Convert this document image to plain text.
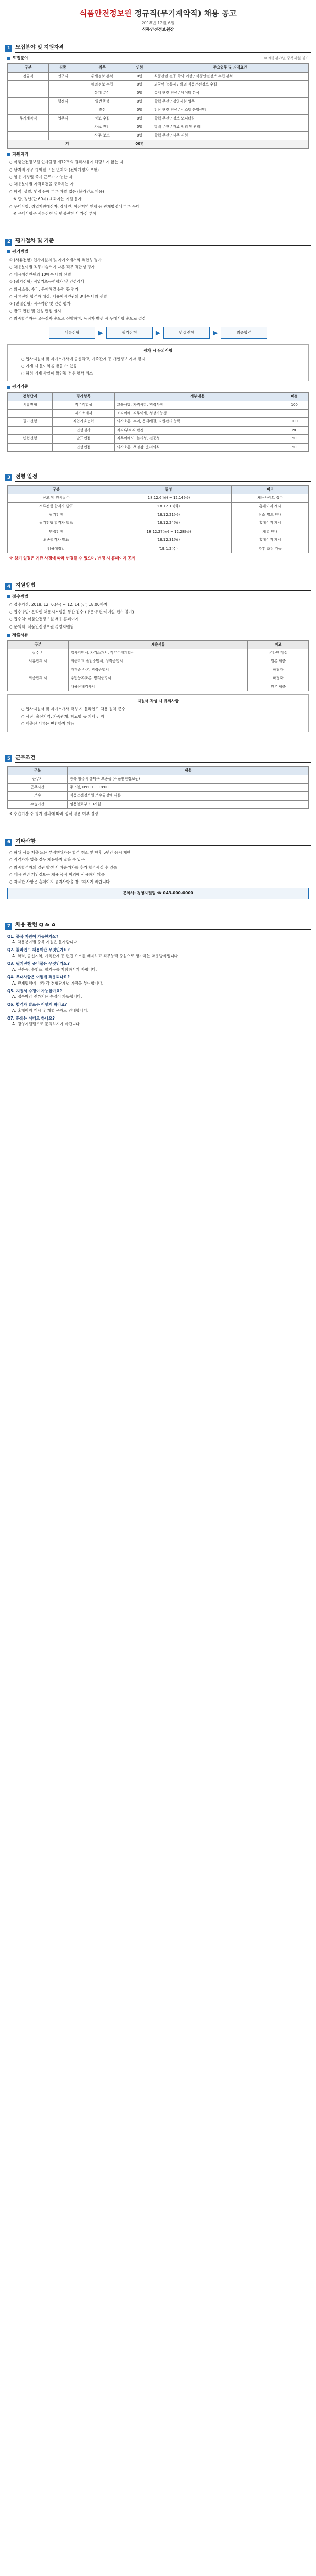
식품안전정보원 정규직(무기계약직) 채용 공고
2018년 12월 6일
식품안전정보원장
1 모집분야 및 지원자격
모집분야	※ 채용분야별 중복지원 불가
구분	직종	직무	인원	주요업무 및 자격요건
정규직	연구직	위해정보 분석	0명	식품관련 전공 학사 이상 / 식품안전정보 수집·분석
		해외정보 수집	0명	외국어 능통자 / 해외 식품안전정보 수집
		통계 분석	0명	통계 관련 전공 / 데이터 분석
	행정직	일반행정	0명	학력 무관 / 경영지원 업무
		전산	0명	전산 관련 전공 / 시스템 운영·관리
무기계약직	업무직	정보 수집	0명	학력 무관 / 정보 모니터링
		자료 관리	0명	학력 무관 / 자료 정리 및 관리
		사무 보조	0명	학력 무관 / 사무 지원
계			00명	
지원자격
○ 식품안전정보원 인사규정 제12조의 결격사유에 해당하지 않는 자
○ 남자의 경우 병역필 또는 면제자 (전역예정자 포함)
○ 임용 예정일 즉시 근무가 가능한 자
○ 채용분야별 자격요건을 충족하는 자
○ 학력, 성별, 연령 등에 따른 차별 없음 (블라인드 채용)
※ 단, 정년(만 60세) 초과자는 지원 불가
○ 우대사항: 취업지원대상자, 장애인, 이전지역 인재 등 관계법령에 따른 우대
※ 우대사항은 서류전형 및 면접전형 시 가점 부여
2 평가절차 및 기준
평가방법
① (서류전형) 입사지원서 및 자기소개서의 적합성 평가
○ 채용분야별 직무기술서에 따른 직무 적합성 평가
○ 채용예정인원의 10배수 내외 선발
② (필기전형) 직업기초능력평가 및 인성검사
○ 의사소통, 수리, 문제해결 능력 등 평가
○ 서류전형 합격자 대상, 채용예정인원의 3배수 내외 선발
③ (면접전형) 직무역량 및 인성 평가
○ 발표 면접 및 인성 면접 실시
○ 최종합격자는 고득점자 순으로 선발하며, 동점자 발생 시 우대사항 순으로 결정
서류전형	▶	필기전형	▶	면접전형	▶	최종합격
평가 시 유의사항
○ 입사지원서 및 자기소개서에 출신학교, 가족관계 등 개인정보 기재 금지
○ 기재 시 불이익을 받을 수 있음
○ 허위 기재 사실이 확인될 경우 합격 취소
평가기준
전형단계	평가항목	세부내용	배점
서류전형	직무적합성	교육사항, 자격사항, 경력사항	100
	자기소개서	조직이해, 직무이해, 성장가능성	
필기전형	직업기초능력	의사소통, 수리, 문제해결, 자원관리 능력	100
	인성검사	적격/부적격 판정	P/F
면접전형	발표면접	직무이해도, 논리성, 전문성	50
	인성면접	의사소통, 책임감, 윤리의식	50
3 전형 일정
구분	일정	비고
공고 및 원서접수	'18.12.6(목) ~ 12.14(금)	채용사이트 접수
서류전형 합격자 발표	'18.12.18(화)	홈페이지 게시
필기전형	'18.12.21(금)	장소 별도 안내
필기전형 합격자 발표	'18.12.24(월)	홈페이지 게시
면접전형	'18.12.27(목) ~ 12.28(금)	개별 안내
최종합격자 발표	'18.12.31(월)	홈페이지 게시
임용예정일	'19.1.2(수)	추후 조정 가능
※ 상기 일정은 기관 사정에 따라 변경될 수 있으며, 변경 시 홈페이지 공지
4 지원방법
접수방법
○ 접수기간: 2018. 12. 6.(목) ~ 12. 14.(금) 18:00까지
○ 접수방법: 온라인 채용시스템을 통한 접수 (방문·우편·이메일 접수 불가)
○ 접수처: 식품안전정보원 채용 홈페이지
○ 문의처: 식품안전정보원 경영지원팀
제출서류
구분	제출서류	비고
접수 시	입사지원서, 자기소개서, 직무수행계획서	온라인 작성
서류합격 시	최종학교 졸업증명서, 성적증명서	원본 제출
	자격증 사본, 경력증명서	해당자
최종합격 시	주민등록초본, 병적증명서	해당자
	채용신체검사서	원본 제출
지원서 작성 시 유의사항
○ 입사지원서 및 자기소개서 작성 시 블라인드 채용 원칙 준수
○ 사진, 출신지역, 가족관계, 학교명 등 기재 금지
○ 제출된 서류는 반환하지 않음
5 근무조건
구분	내용
근무지	충북 청주시 흥덕구 오송읍 (식품안전정보원)
근무시간	주 5일, 09:00 ~ 18:00
보수	식품안전정보원 보수규정에 따름
수습기간	임용일로부터 3개월
※ 수습기간 중 평가 결과에 따라 정식 임용 여부 결정
6 기타사항
○ 허위 서류 제출 또는 부정행위자는 합격 취소 및 향후 5년간 응시 제한
○ 적격자가 없을 경우 채용하지 않을 수 있음
○ 최종합격자의 결원 발생 시 차순위자를 추가 합격시킬 수 있음
○ 채용 관련 개인정보는 채용 목적 이외에 사용하지 않음
○ 자세한 사항은 홈페이지 공지사항을 참고하시기 바랍니다
문의처: 경영지원팀 ☎ 043-000-0000
7 채용 관련 Q & A
Q1. 중복 지원이 가능한가요?
A. 채용분야별 중복 지원은 불가합니다.
Q2. 블라인드 채용이란 무엇인가요?
A. 학력, 출신지역, 가족관계 등 편견 요소를 배제하고 직무능력 중심으로 평가하는 채용방식입니다.
Q3. 필기전형 준비물은 무엇인가요?
A. 신분증, 수험표, 필기구를 지참하시기 바랍니다.
Q4. 우대사항은 어떻게 적용되나요?
A. 관계법령에 따라 각 전형단계별 가점을 부여합니다.
Q5. 지원서 수정이 가능한가요?
A. 접수마감 전까지는 수정이 가능합니다.
Q6. 합격자 발표는 어떻게 하나요?
A. 홈페이지 게시 및 개별 문자로 안내합니다.
Q7. 문의는 어디로 하나요?
A. 경영지원팀으로 문의하시기 바랍니다.
